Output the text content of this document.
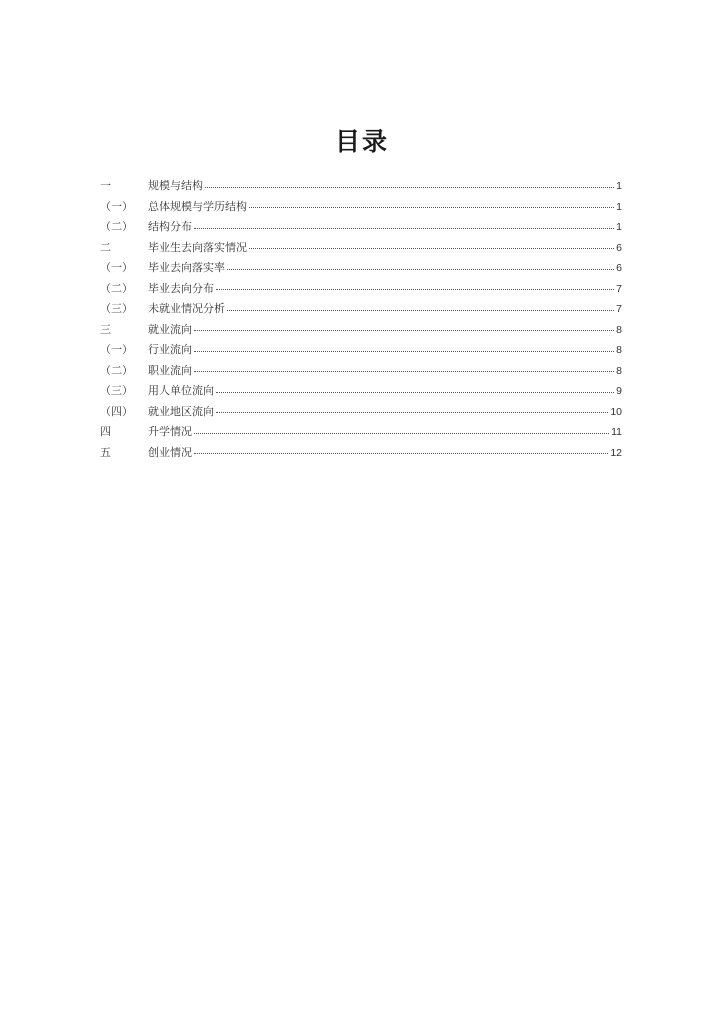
目录
一	规模与结构	1
（一）	总体规模与学历结构	1
（二）	结构分布	1
二	毕业生去向落实情况	6
（一）	毕业去向落实率	6
（二）	毕业去向分布	7
（三）	未就业情况分析	7
三	就业流向	8
（一）	行业流向	8
（二）	职业流向	8
（三）	用人单位流向	9
（四）	就业地区流向	10
四	升学情况	11
五	创业情况	12
